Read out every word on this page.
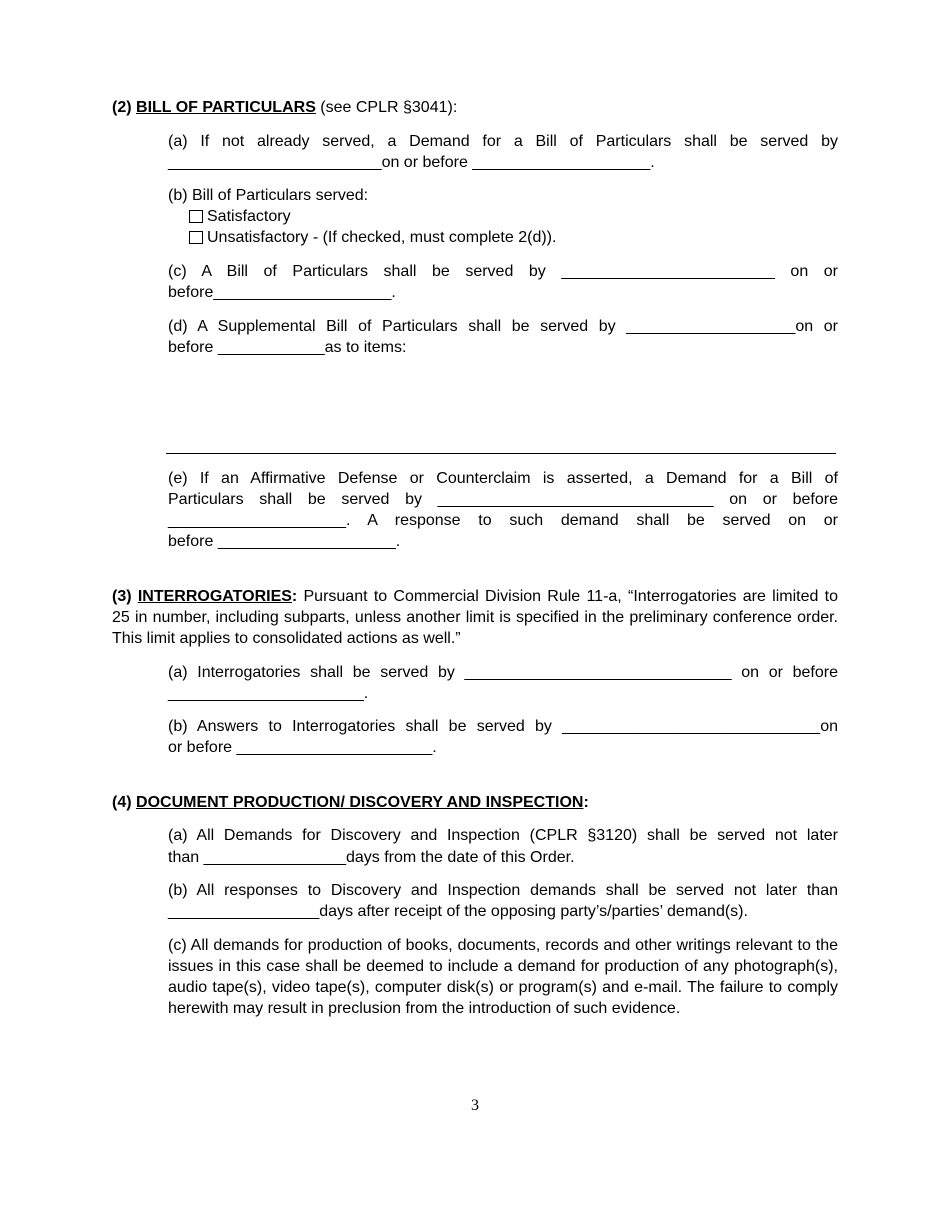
(2) BILL OF PARTICULARS (see CPLR §3041):

(a) If not already served, a Demand for a Bill of Particulars shall be served by

________________________on or before ____________________.

(b) Bill of Particulars served:

Satisfactory

Unsatisfactory - (If checked, must complete 2(d)).

(c) A Bill of Particulars shall be served by ________________________ on or

before____________________.

(d) A Supplemental Bill of Particulars shall be served by ___________________on or

before ____________as to items:

(e) If an Affirmative Defense or Counterclaim is asserted, a Demand for a Bill of

Particulars shall be served by _______________________________ on or before

____________________. A response to such demand shall be served on or

before ____________________.

(3) INTERROGATORIES: Pursuant to Commercial Division Rule 11-a, “Interrogatories are limited to 25 in number, including subparts, unless another limit is specified in the preliminary conference order. This limit applies to consolidated actions as well.”

(a) Interrogatories shall be served by ______________________________ on or before

______________________.

(b) Answers to Interrogatories shall be served by _____________________________on

or before ______________________.

(4) DOCUMENT PRODUCTION/ DISCOVERY AND INSPECTION:

(a) All Demands for Discovery and Inspection (CPLR §3120) shall be served not later

than ________________days from the date of this Order.

(b) All responses to Discovery and Inspection demands shall be served not later than

_________________days after receipt of the opposing party’s/parties’ demand(s).

(c) All demands for production of books, documents, records and other writings relevant to the issues in this case shall be deemed to include a demand for production of any photograph(s), audio tape(s), video tape(s), computer disk(s) or program(s) and e-mail. The failure to comply herewith may result in preclusion from the introduction of such evidence.

3
